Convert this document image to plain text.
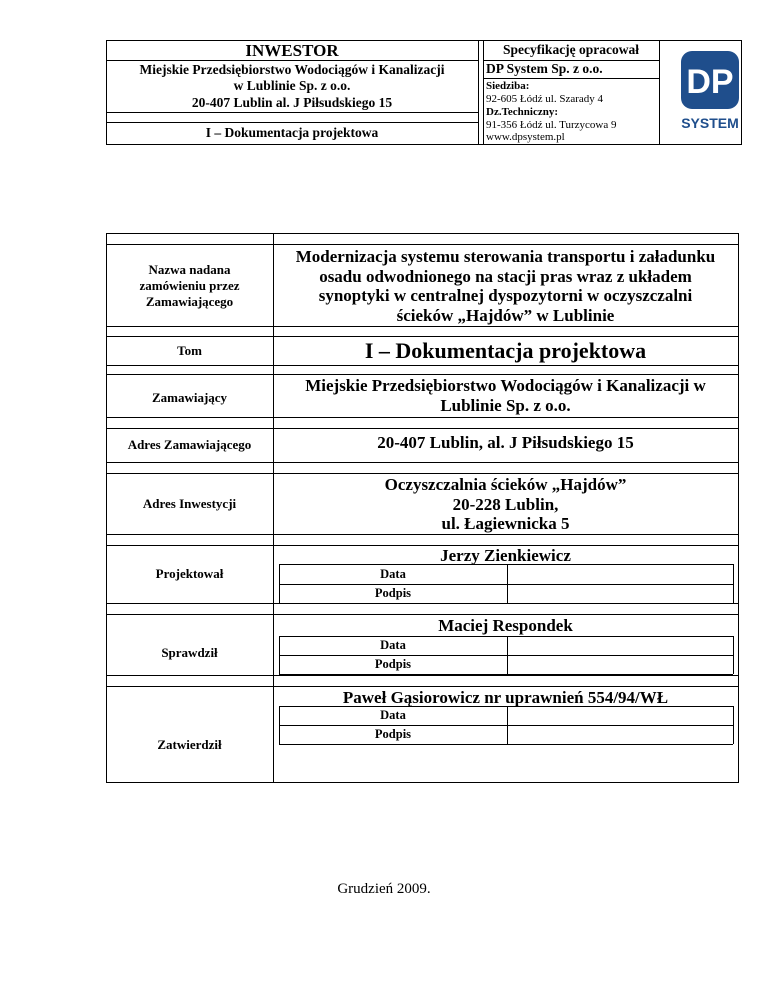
INWESTOR
Miejskie Przedsiębiorstwo Wodociągów i Kanalizacji
w Lublinie Sp. z o.o.
20-407 Lublin al. J Piłsudskiego 15
I – Dokumentacja projektowa
Specyfikację opracował
DP System Sp. z o.o.
Siedziba:
92-605 Łódź ul. Szarady 4
Dz.Techniczny:
91-356 Łódź ul. Turzycowa 9
www.dpsystem.pl
DP
SYSTEM
Nazwa nadana
zamówieniu przez
Zamawiającego
Modernizacja systemu sterowania transportu i załadunku
osadu odwodnionego na stacji pras wraz z układem
synoptyki w centralnej dyspozytorni w oczyszczalni
ścieków „Hajdów” w Lublinie
Tom	I – Dokumentacja projektowa
Zamawiający
Miejskie Przedsiębiorstwo Wodociągów i Kanalizacji w
Lublinie Sp. z o.o.
Adres Zamawiającego	20-407 Lublin, al. J Piłsudskiego 15
Adres Inwestycji
Oczyszczalnia ścieków „Hajdów”
20-228 Lublin,
ul. Łagiewnicka 5
Projektował
Jerzy Zienkiewicz
Data
Podpis
Sprawdził
Maciej Respondek
Data
Podpis
Zatwierdził
Paweł Gąsiorowicz nr uprawnień 554/94/WŁ
Data
Podpis
Grudzień 2009.
